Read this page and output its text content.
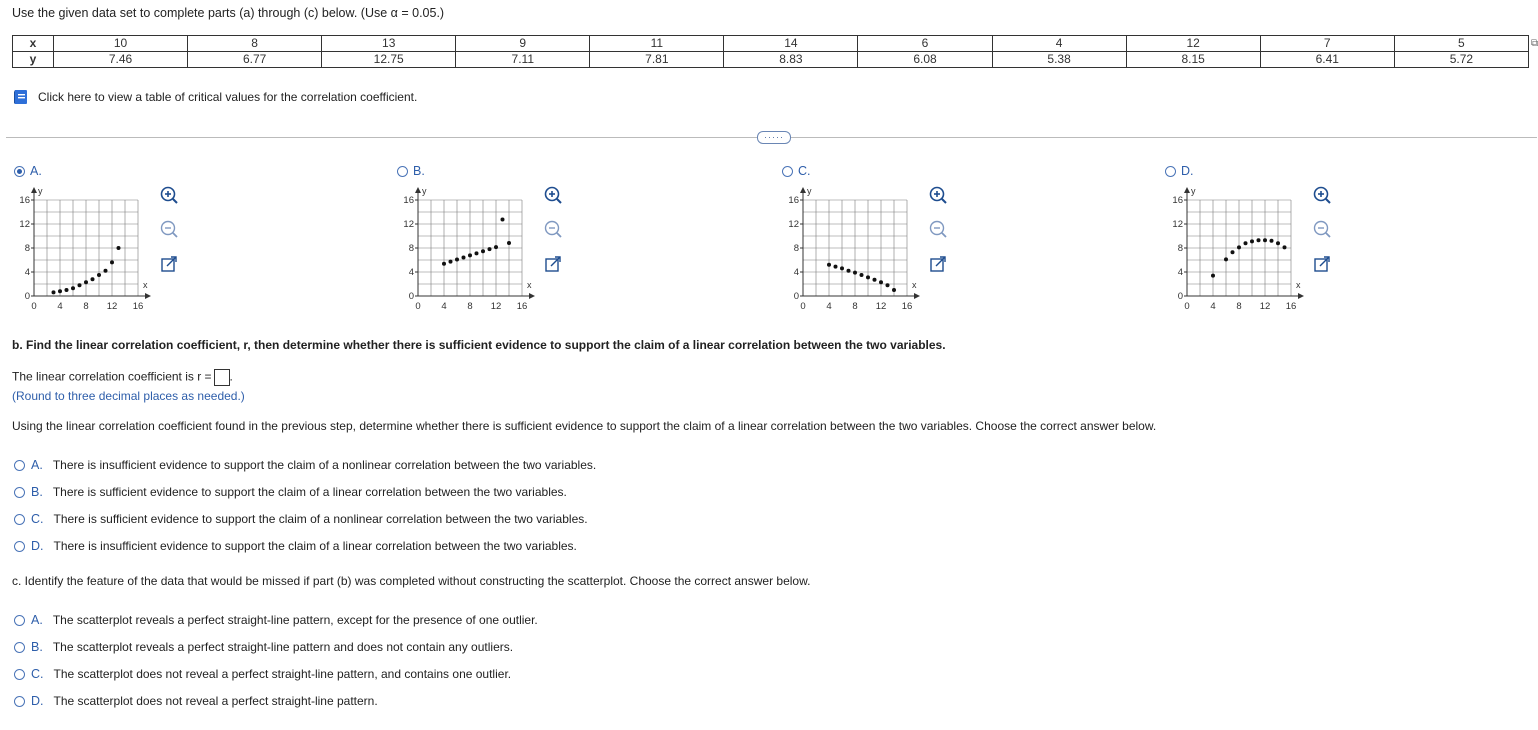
Use the given data set to complete parts (a) through (c) below. (Use α = 0.05.)
x	10	8	13	9	11	14	6	4	12	7	5
y	7.46	6.77	12.75	7.11	7.81	8.83	6.08	5.38	8.15	6.41	5.72
⧉
Click here to view a table of critical values for the correlation coefficient.
·····
A.	B.	C.	D.
y
x
16
12
8
4
0
0 4 8 12 16
y
x
16
12
8
4
0
0 4 8 12 16
y
x
16
12
8
4
0
0 4 8 12 16
y
x
16
12
8
4
0
0 4 8 12 16
b. Find the linear correlation coefficient, r, then determine whether there is sufficient evidence to support the claim of a linear correlation between the two variables.
The linear correlation coefficient is r = .
(Round to three decimal places as needed.)
Using the linear correlation coefficient found in the previous step, determine whether there is sufficient evidence to support the claim of a linear correlation between the two variables. Choose the correct answer below.
A. There is insufficient evidence to support the claim of a nonlinear correlation between the two variables.
B. There is sufficient evidence to support the claim of a linear correlation between the two variables.
C. There is sufficient evidence to support the claim of a nonlinear correlation between the two variables.
D. There is insufficient evidence to support the claim of a linear correlation between the two variables.
c. Identify the feature of the data that would be missed if part (b) was completed without constructing the scatterplot. Choose the correct answer below.
A. The scatterplot reveals a perfect straight-line pattern, except for the presence of one outlier.
B. The scatterplot reveals a perfect straight-line pattern and does not contain any outliers.
C. The scatterplot does not reveal a perfect straight-line pattern, and contains one outlier.
D. The scatterplot does not reveal a perfect straight-line pattern.
